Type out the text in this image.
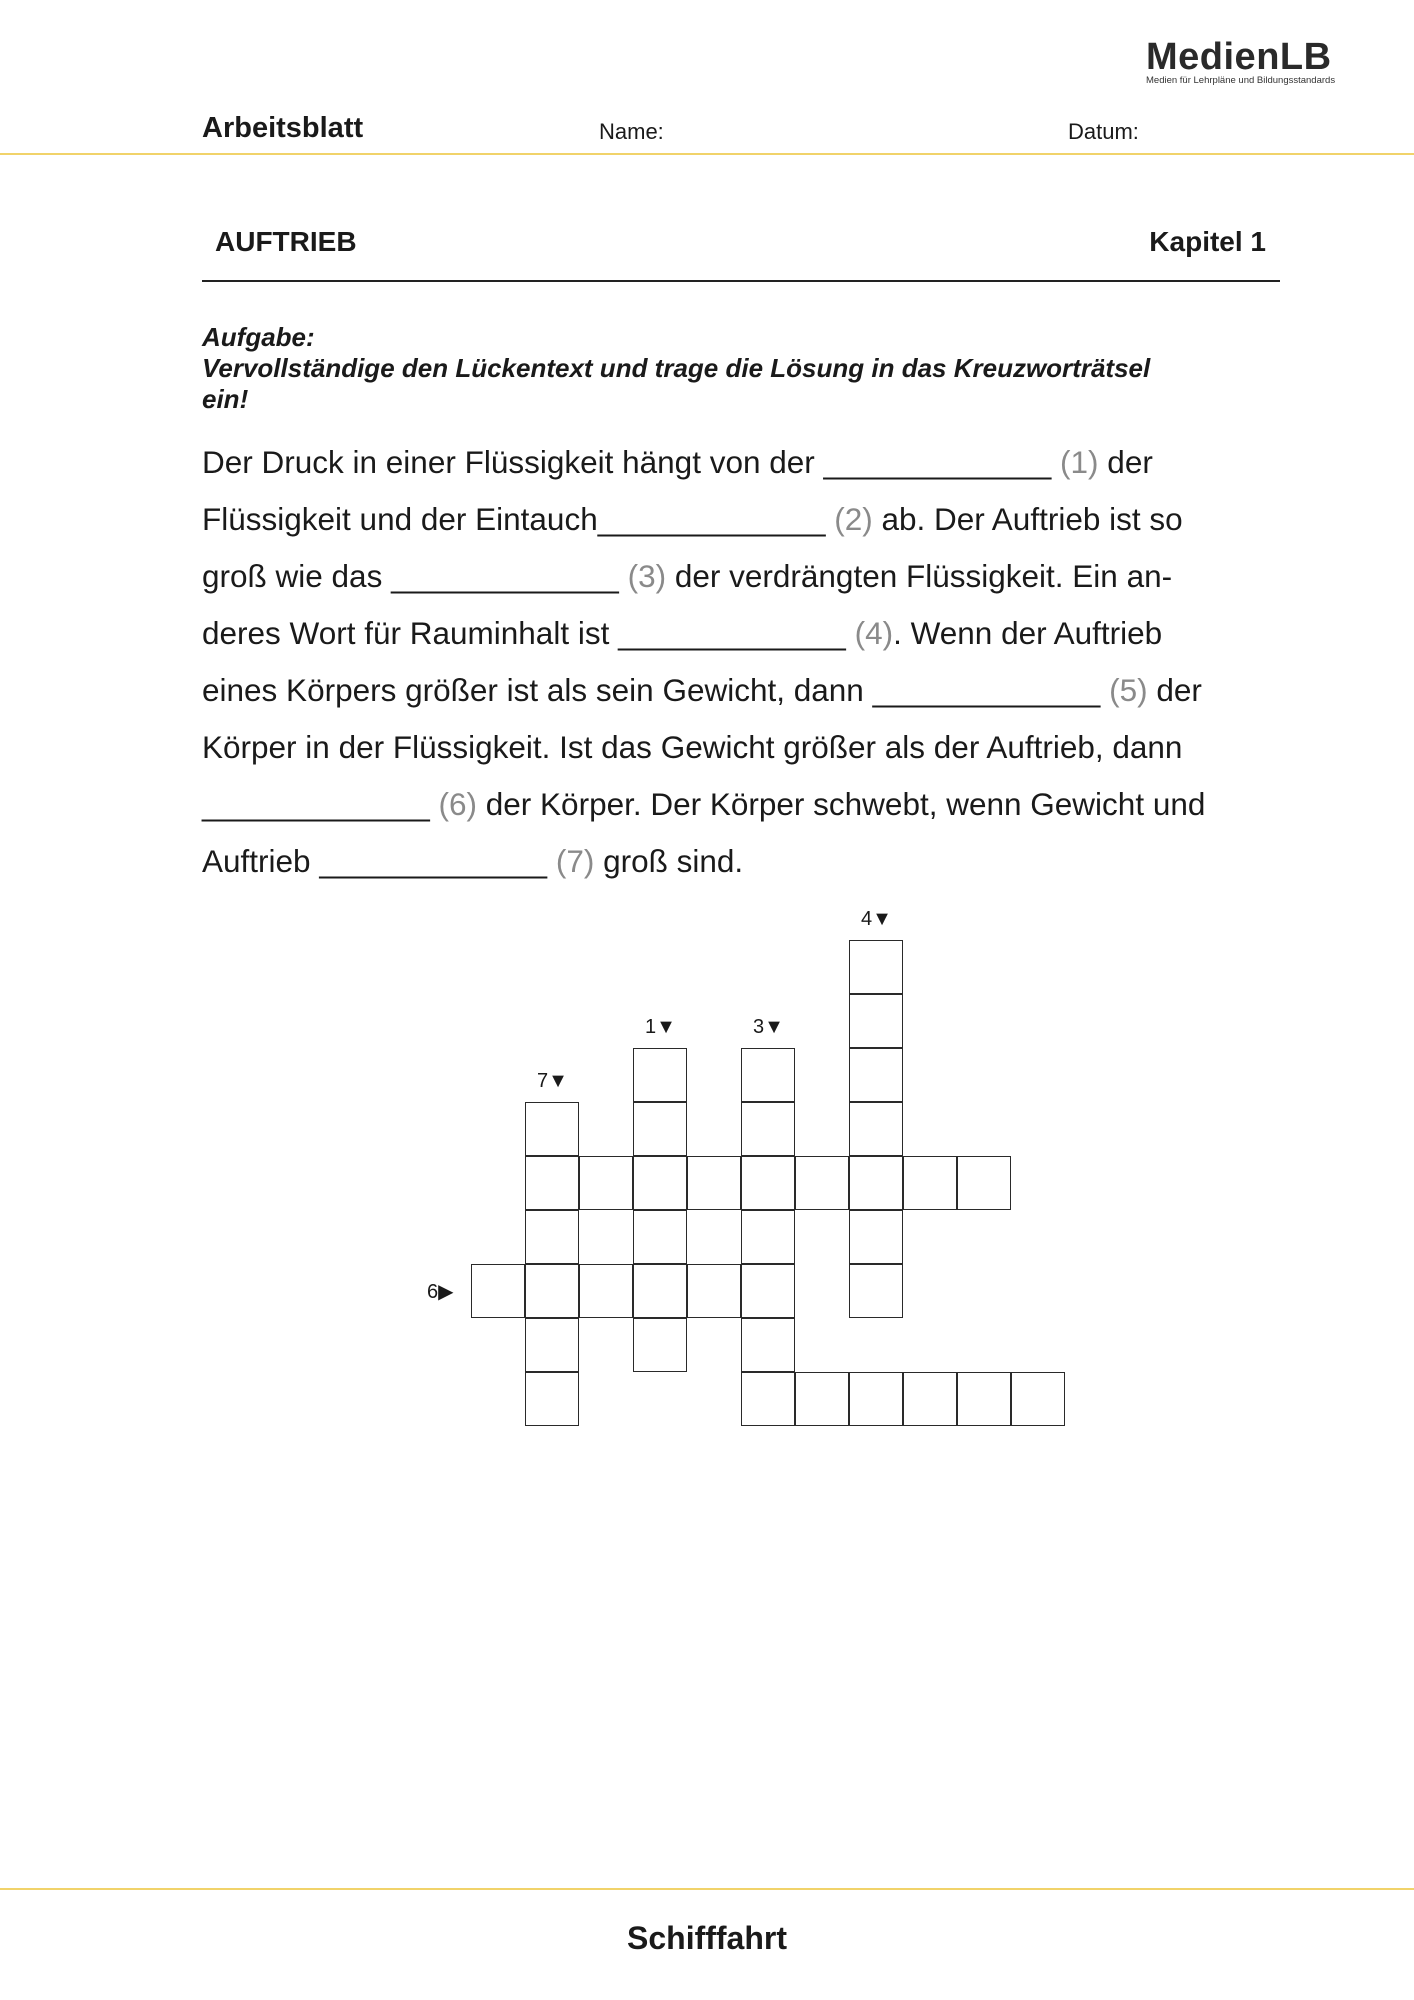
MedienLB
Medien für Lehrpläne und Bildungsstandards
Arbeitsblatt	Name:	Datum:
AUFTRIEB	Kapitel 1
Aufgabe:
Vervollständige den Lückentext und trage die Lösung in das Kreuzworträtsel
ein!
Der Druck in einer Flüssigkeit hängt von der _____________ (1) der
Flüssigkeit und der Eintauch_____________ (2) ab. Der Auftrieb ist so
groß wie das _____________ (3) der verdrängten Flüssigkeit. Ein an-
deres Wort für Rauminhalt ist _____________ (4). Wenn der Auftrieb
eines Körpers größer ist als sein Gewicht, dann _____________ (5) der
Körper in der Flüssigkeit. Ist das Gewicht größer als der Auftrieb, dann
_____________ (6) der Körper. Der Körper schwebt, wenn Gewicht und
Auftrieb _____________ (7) groß sind.
1▼	3▼
4▼
6▶
7▼
Schifffahrt
